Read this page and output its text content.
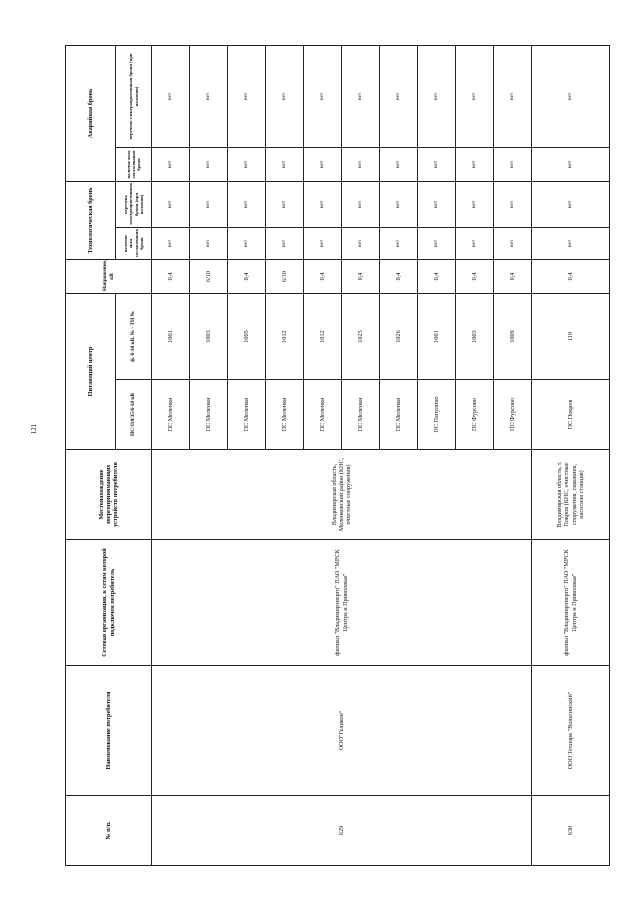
121
№ п/п.	Наименование потребителя	Сетевая организация, к сетям которой подключен потребитель	Местонахождение энергопринимающих устройств потребителя	Питающий центр		Напряжение, кВ	Технологическая бронь		Аварийная бронь	
				ПС/110/35/6-10 кВ	ф. 6-10 кВ, № - ТП №		наличие акта согласования брони	перечень электроприемников брони (при наличии)	наличие акта согласования брони	перечень электроприемников брони (при наличии)
629	ООО"Геликон"	филиал "Владимирэнерго" ПАО "МРСК Центра и Приволжья"	Владимирская область, Меленковский район (КНС, очистные сооружения)	ПС Меленки	1001	0,4	нет	нет	нет	нет
				ПС Меленки	1003	6/10	нет	нет	нет	нет
				ПС Меленки	1005	0,4	нет	нет	нет	нет
				ПС Меленки	1012	6/10	нет	нет	нет	нет
				ПС Меленки	1012	0,4	нет	нет	нет	нет
				ПС Меленки	1025	0,4	нет	нет	нет	нет
				ПС Меленки	1026	0,4	нет	нет	нет	нет
				ПС Папулино	1001	0,4	нет	нет	нет	нет
				ПС Фурсово	1003	0,4	нет	нет	нет	нет
				ПС Фурсово	1009	0,4	нет	нет	нет	нет
630	ООО Техпарк "Вольгинский"	филиал "Владимирэнерго" ПАО "МРСК Центра и Приволжья"	Владимирская область, г. Покров (КНС, очистные сооружения, скважина, насосная станция)	ПС Покров	119	0,4	нет	нет	нет	нет
